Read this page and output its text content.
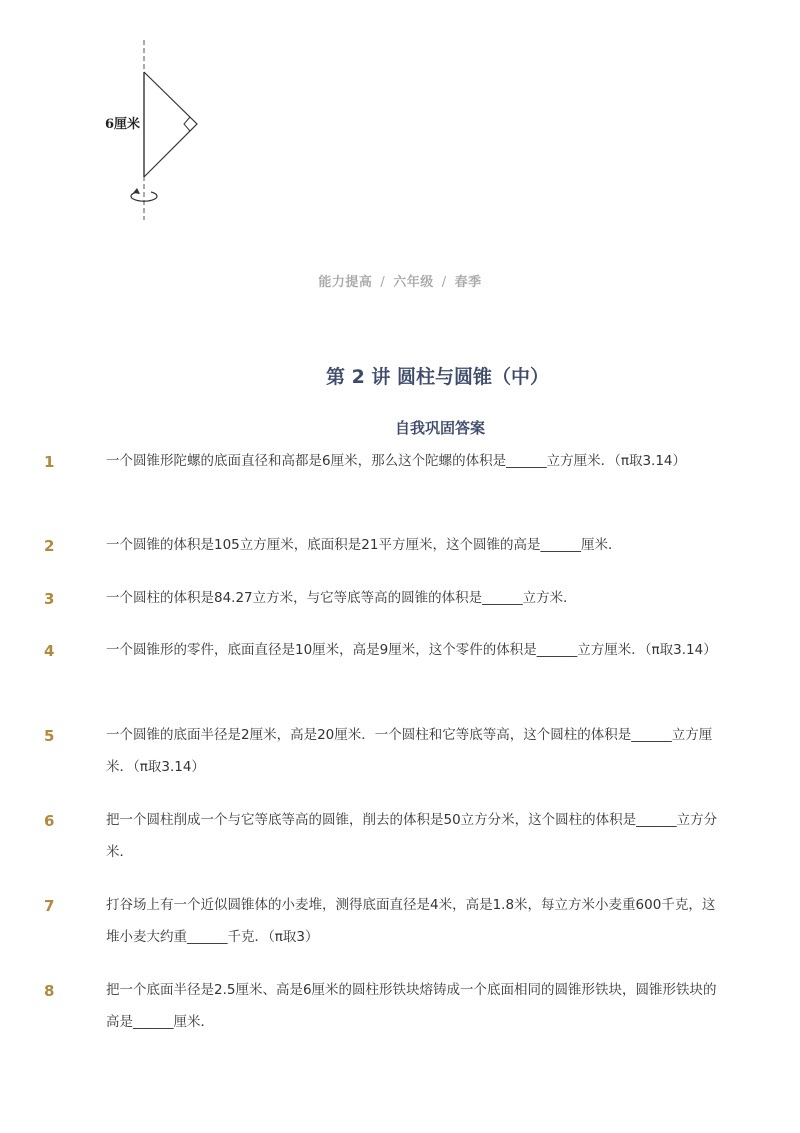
6厘米
能力提高 / 六年级 / 春季
第 2 讲 圆柱与圆锥（中）
自我巩固答案
1	一个圆锥形陀螺的底面直径和高都是6厘米，那么这个陀螺的体积是______立方厘米．（π取3.14）
2	一个圆锥的体积是105立方厘米，底面积是21平方厘米，这个圆锥的高是______厘米．
3	一个圆柱的体积是84.27立方米，与它等底等高的圆锥的体积是______立方米．
4	一个圆锥形的零件，底面直径是10厘米，高是9厘米，这个零件的体积是______立方厘米．（π取3.14）
5	一个圆锥的底面半径是2厘米，高是20厘米．一个圆柱和它等底等高，这个圆柱的体积是______立方厘米．（π取3.14）
6	把一个圆柱削成一个与它等底等高的圆锥，削去的体积是50立方分米，这个圆柱的体积是______立方分米．
7	打谷场上有一个近似圆锥体的小麦堆，测得底面直径是4米，高是1.8米，每立方米小麦重600千克，这堆小麦大约重______千克．（π取3）
8	把一个底面半径是2.5厘米、高是6厘米的圆柱形铁块熔铸成一个底面相同的圆锥形铁块，圆锥形铁块的高是______厘米．
